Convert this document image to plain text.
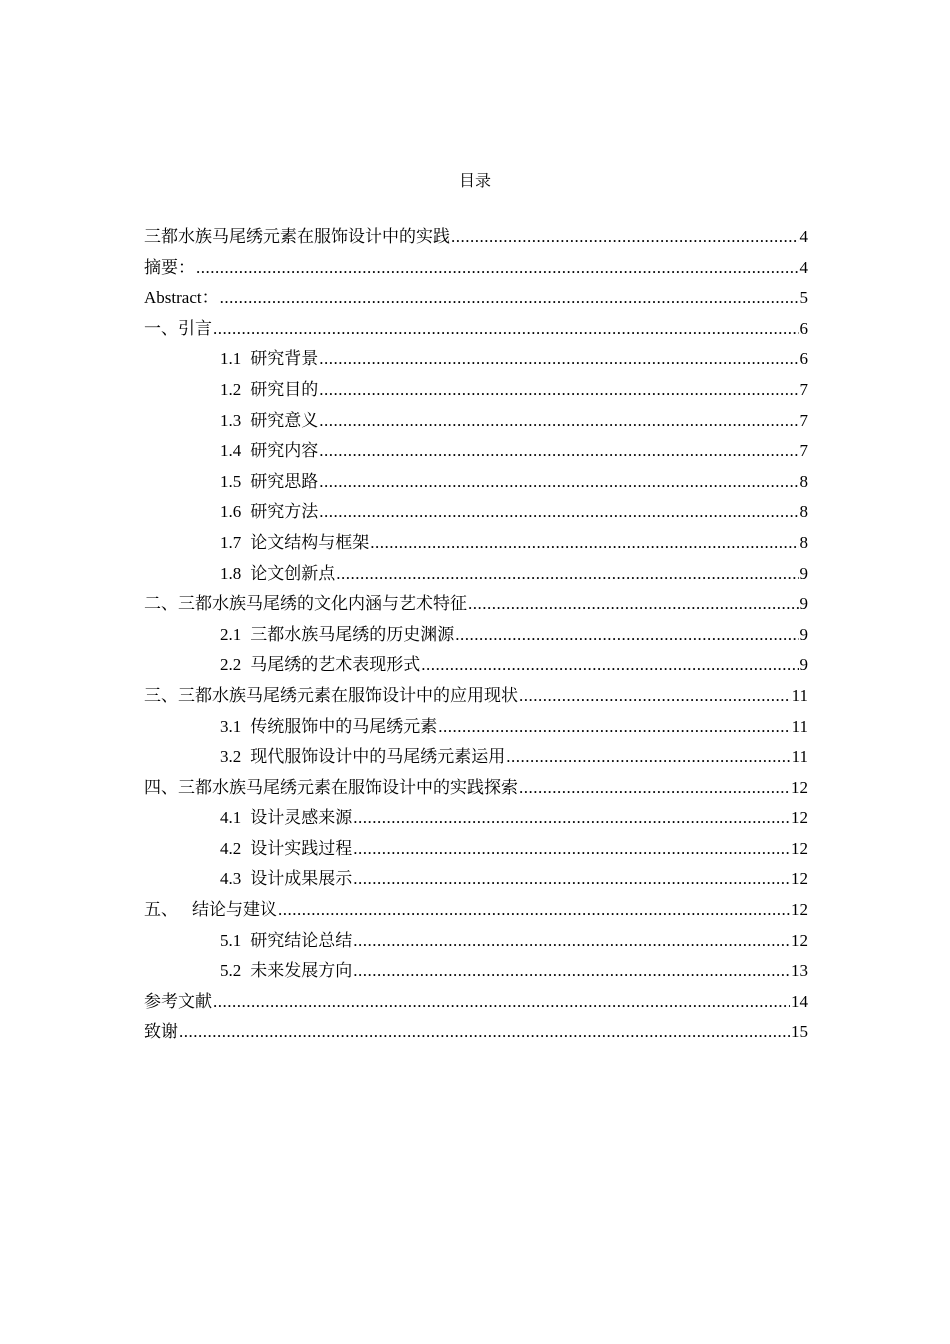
目录
三都水族马尾绣元素在服饰设计中的实践 .....	4
摘要： .....	4
Abstract： .....	5
一、引言 .....	6
1.1 研究背景 .....	6
1.2 研究目的 .....	7
1.3 研究意义 .....	7
1.4 研究内容 .....	7
1.5 研究思路 .....	8
1.6 研究方法 .....	8
1.7 论文结构与框架 .....	8
1.8 论文创新点 .....	9
二、三都水族马尾绣的文化内涵与艺术特征 .....	9
2.1 三都水族马尾绣的历史渊源 .....	9
2.2 马尾绣的艺术表现形式 .....	9
三、三都水族马尾绣元素在服饰设计中的应用现状 .....	11
3.1 传统服饰中的马尾绣元素 .....	11
3.2 现代服饰设计中的马尾绣元素运用 .....	11
四、三都水族马尾绣元素在服饰设计中的实践探索 .....	12
4.1 设计灵感来源 .....	12
4.2 设计实践过程 .....	12
4.3 设计成果展示 .....	12
五、 结论与建议 .....	12
5.1 研究结论总结 .....	12
5.2 未来发展方向 .....	13
参考文献 .....	14
致谢 .....	15
